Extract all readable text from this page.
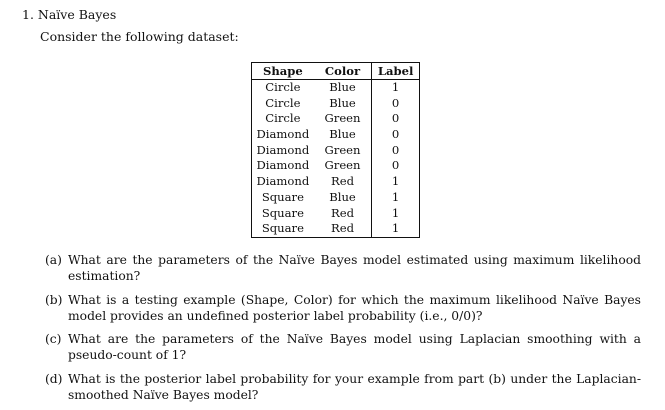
1. Naïve Bayes
Consider the following dataset:
Shape	Color	Label
Circle	Blue	1
Circle	Blue	0
Circle	Green	0
Diamond	Blue	0
Diamond	Green	0
Diamond	Green	0
Diamond	Red	1
Square	Blue	1
Square	Red	1
Square	Red	1
(a) What are the parameters of the Naïve Bayes model estimated using maximum likelihood estimation?
(b) What is a testing example (Shape, Color) for which the maximum likelihood Naïve Bayes model provides an undefined posterior label probability (i.e., 0/0)?
(c) What are the parameters of the Naïve Bayes model using Laplacian smoothing with a pseudo-count of 1?
(d) What is the posterior label probability for your example from part (b) under the Laplacian-smoothed Naïve Bayes model?
